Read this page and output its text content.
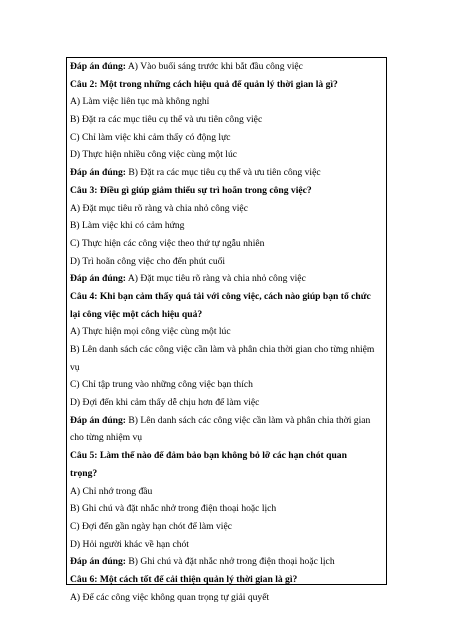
Đáp án đúng: A) Vào buổi sáng trước khi bắt đầu công việc
Câu 2: Một trong những cách hiệu quả để quản lý thời gian là gì?
A) Làm việc liên tục mà không nghỉ
B) Đặt ra các mục tiêu cụ thể và ưu tiên công việc
C) Chỉ làm việc khi cảm thấy có động lực
D) Thực hiện nhiều công việc cùng một lúc
Đáp án đúng: B) Đặt ra các mục tiêu cụ thể và ưu tiên công việc
Câu 3: Điều gì giúp giảm thiểu sự trì hoãn trong công việc?
A) Đặt mục tiêu rõ ràng và chia nhỏ công việc
B) Làm việc khi có cảm hứng
C) Thực hiện các công việc theo thứ tự ngẫu nhiên
D) Trì hoãn công việc cho đến phút cuối
Đáp án đúng: A) Đặt mục tiêu rõ ràng và chia nhỏ công việc
Câu 4: Khi bạn cảm thấy quá tải với công việc, cách nào giúp bạn tổ chức
lại công việc một cách hiệu quả?
A) Thực hiện mọi công việc cùng một lúc
B) Lên danh sách các công việc cần làm và phân chia thời gian cho từng nhiệm
vụ
C) Chỉ tập trung vào những công việc bạn thích
D) Đợi đến khi cảm thấy dễ chịu hơn để làm việc
Đáp án đúng: B) Lên danh sách các công việc cần làm và phân chia thời gian
cho từng nhiệm vụ
Câu 5: Làm thế nào để đảm bảo bạn không bỏ lỡ các hạn chót quan
trọng?
A) Chỉ nhớ trong đầu
B) Ghi chú và đặt nhắc nhở trong điện thoại hoặc lịch
C) Đợi đến gần ngày hạn chót để làm việc
D) Hỏi người khác về hạn chót
Đáp án đúng: B) Ghi chú và đặt nhắc nhở trong điện thoại hoặc lịch
Câu 6: Một cách tốt để cải thiện quản lý thời gian là gì?
A) Để các công việc không quan trọng tự giải quyết
